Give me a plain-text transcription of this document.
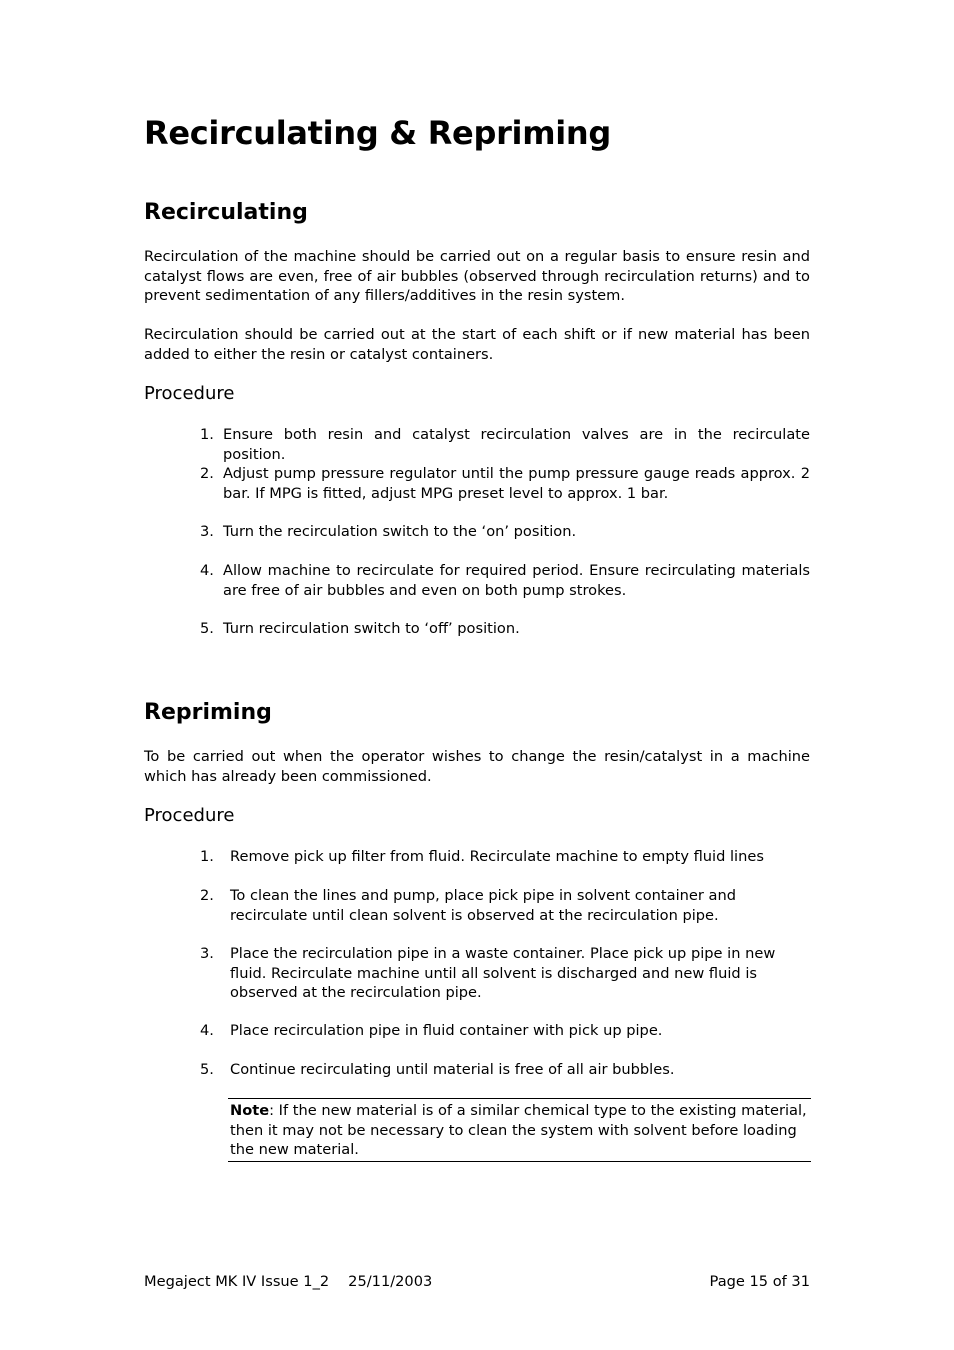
Recirculating & Repriming
Recirculating

Recirculation of the machine should be carried out on a regular basis to ensure resin and catalyst flows are even, free of air bubbles (observed through recirculation returns) and to prevent sedimentation of any fillers/additives in the resin system.

Recirculation should be carried out at the start of each shift or if new material has been added to either the resin or catalyst containers.

Procedure
1. Ensure both resin and catalyst recirculation valves are in the recirculate position.
2. Adjust pump pressure regulator until the pump pressure gauge reads approx. 2 bar. If MPG is fitted, adjust MPG preset level to approx. 1 bar.
3. Turn the recirculation switch to the ‘on’ position.
4. Allow machine to recirculate for required period. Ensure recirculating materials are free of air bubbles and even on both pump strokes.
5. Turn recirculation switch to ‘off’ position.
Repriming

To be carried out when the operator wishes to change the resin/catalyst in a machine which has already been commissioned.

Procedure
1.	Remove pick up filter from fluid. Recirculate machine to empty fluid lines
2.	To clean the lines and pump, place pick pipe in solvent container and recirculate until clean solvent is observed at the recirculation pipe.
3.	Place the recirculation pipe in a waste container. Place pick up pipe in new fluid. Recirculate machine until all solvent is discharged and new fluid is observed at the recirculation pipe.
4.	Place recirculation pipe in fluid container with pick up pipe.
5.	Continue recirculating until material is free of all air bubbles.
Note: If the new material is of a similar chemical type to the existing material, then it may not be necessary to clean the system with solvent before loading the new material.
Megaject MK IV Issue 1_2 25/11/2003	Page 15 of 31
